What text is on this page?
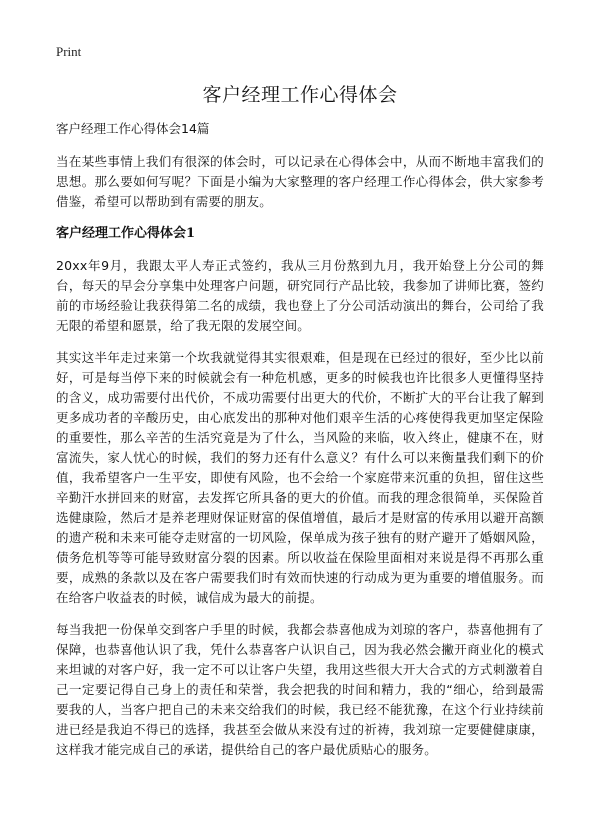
Print
客户经理工作心得体会

客户经理工作心得体会14篇

当在某些事情上我们有很深的体会时，可以记录在心得体会中，从而不断地丰富我们的思想。那么要如何写呢？下面是小编为大家整理的客户经理工作心得体会，供大家参考借鉴，希望可以帮助到有需要的朋友。

客户经理工作心得体会1

20xx年9月，我跟太平人寿正式签约，我从三月份熬到九月，我开始登上分公司的舞台，每天的早会分享集中处理客户问题，研究同行产品比较，我参加了讲师比赛，签约前的市场经验让我获得第二名的成绩，我也登上了分公司活动演出的舞台，公司给了我无限的希望和愿景，给了我无限的发展空间。

其实这半年走过来第一个坎我就觉得其实很艰难，但是现在已经过的很好，至少比以前好，可是每当停下来的时候就会有一种危机感，更多的时候我也许比很多人更懂得坚持的含义，成功需要付出代价，不成功需要付出更大的代价，不断扩大的平台让我了解到更多成功者的辛酸历史，由心底发出的那种对他们艰辛生活的心疼使得我更加坚定保险的重要性，那么辛苦的生活究竟是为了什么，当风险的来临，收入终止，健康不在，财富流失，家人忧心的时候，我们的努力还有什么意义？有什么可以来衡量我们剩下的价值，我希望客户一生平安，即使有风险，也不会给一个家庭带来沉重的负担，留住这些辛勤汗水拼回来的财富，去发挥它所具备的更大的价值。而我的理念很简单，买保险首选健康险，然后才是养老理财保证财富的保值增值，最后才是财富的传承用以避开高额的遗产税和未来可能夺走财富的一切风险，保单成为孩子独有的财产避开了婚姻风险，债务危机等等可能导致财富分裂的因素。所以收益在保险里面相对来说是得不再那么重要，成熟的条款以及在客户需要我们时有效而快速的行动成为更为重要的增值服务。而在给客户收益表的时候，诚信成为最大的前提。

每当我把一份保单交到客户手里的时候，我都会恭喜他成为刘琼的客户，恭喜他拥有了保障，也恭喜他认识了我，凭什么恭喜客户认识自己，因为我必然会撇开商业化的模式来坦诚的对客户好，我一定不可以让客户失望，我用这些很大开大合式的方式刺激着自己一定要记得自己身上的责任和荣誉，我会把我的时间和精力，我的“细心，给到最需要我的人，当客户把自己的未来交给我们的时候，我已经不能犹豫，在这个行业持续前进已经是我迫不得已的选择，我甚至会做从来没有过的祈祷，我刘琼一定要健健康康，这样我才能完成自己的承诺，提供给自己的客户最优质贴心的服务。
